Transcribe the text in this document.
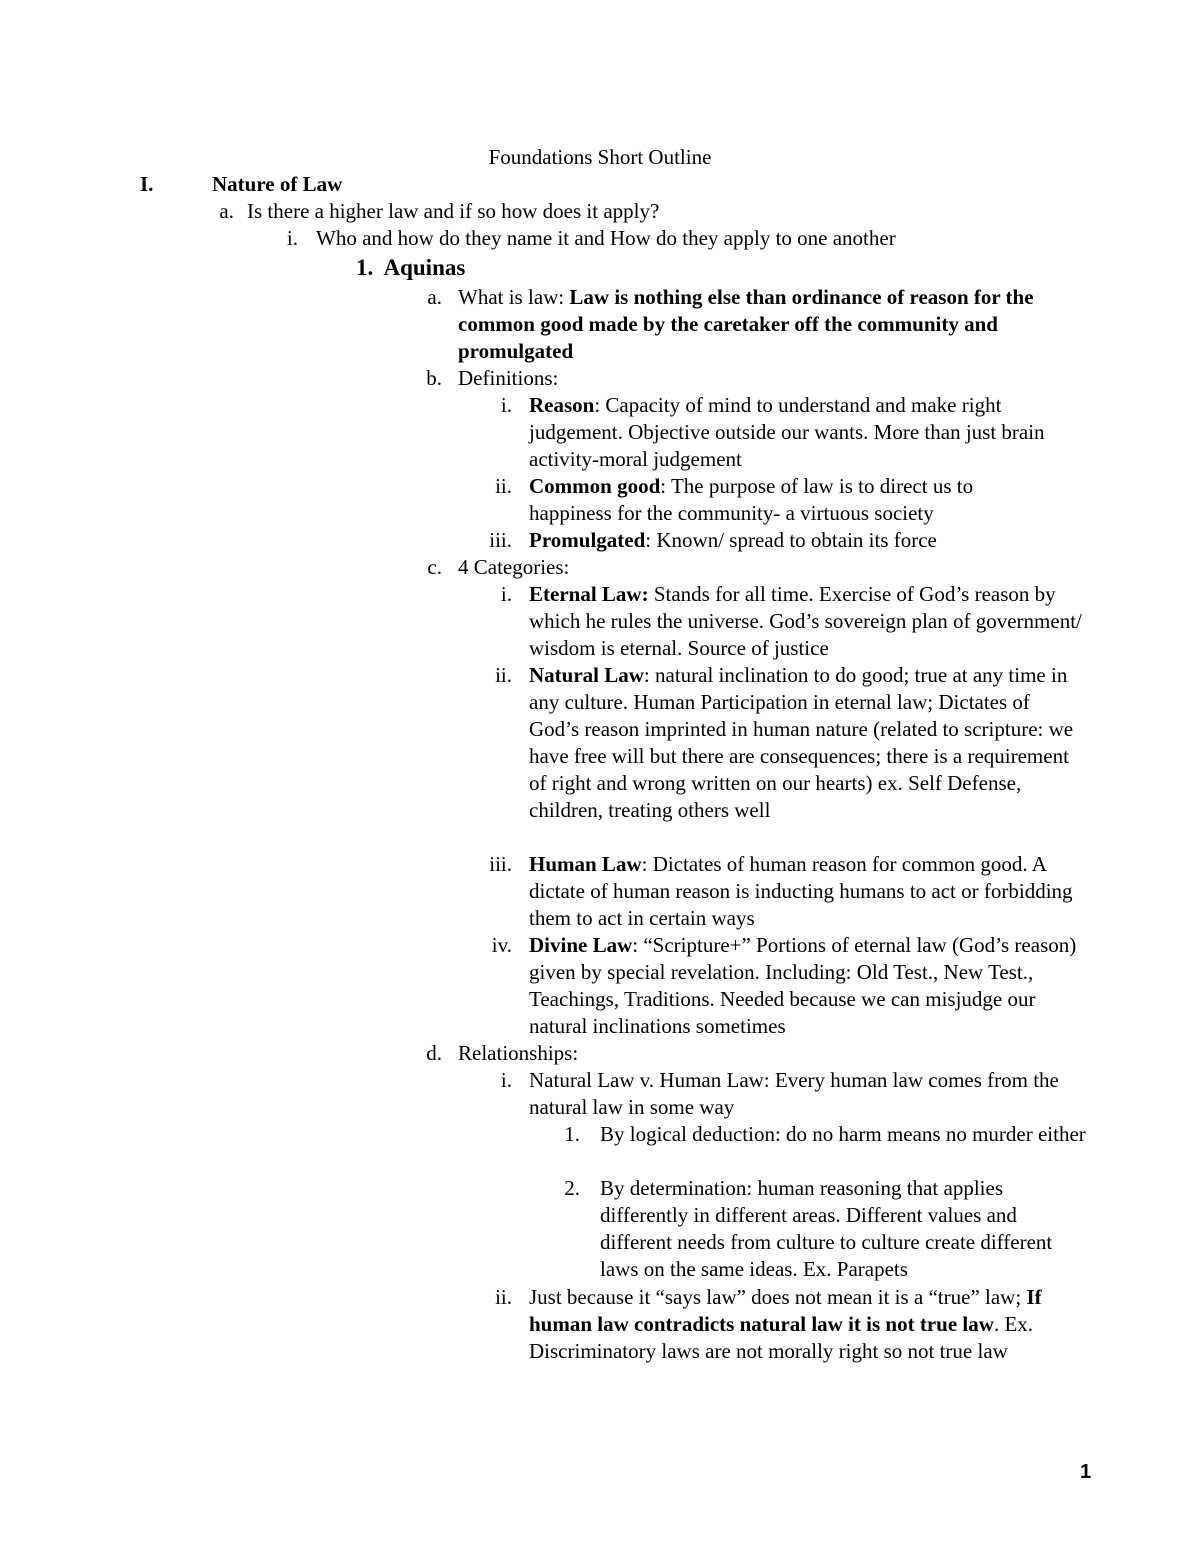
Foundations Short Outline
I.	Nature of Law
a. Is there a higher law and if so how does it apply?
i. Who and how do they name it and How do they apply to one another
1.  Aquinas
a. What is law: Law is nothing else than ordinance of reason for the common good made by the caretaker off the community and promulgated
b. Definitions:
i. Reason: Capacity of mind to understand and make right judgement. Objective outside our wants. More than just brain activity-moral judgement
ii. Common good: The purpose of law is to direct us to happiness for the community- a virtuous society
iii. Promulgated: Known/ spread to obtain its force
c. 4 Categories:
i. Eternal Law: Stands for all time. Exercise of God’s reason by which he rules the universe. God’s sovereign plan of government/ wisdom is eternal. Source of justice
ii. Natural Law: natural inclination to do good; true at any time in any culture. Human Participation in eternal law; Dictates of God’s reason imprinted in human nature (related to scripture: we have free will but there are consequences; there is a requirement of right and wrong written on our hearts) ex. Self Defense, children, treating others well
iii. Human Law: Dictates of human reason for common good. A dictate of human reason is inducting humans to act or forbidding them to act in certain ways
iv. Divine Law: “Scripture+” Portions of eternal law (God’s reason) given by special revelation. Including: Old Test., New Test., Teachings, Traditions. Needed because we can misjudge our natural inclinations sometimes
d. Relationships:
i. Natural Law v. Human Law: Every human law comes from the natural law in some way
1. By logical deduction: do no harm means no murder either
2. By determination: human reasoning that applies differently in different areas. Different values and different needs from culture to culture create different laws on the same ideas. Ex. Parapets
ii. Just because it “says law” does not mean it is a “true” law; If human law contradicts natural law it is not true law. Ex. Discriminatory laws are not morally right so not true law
1
